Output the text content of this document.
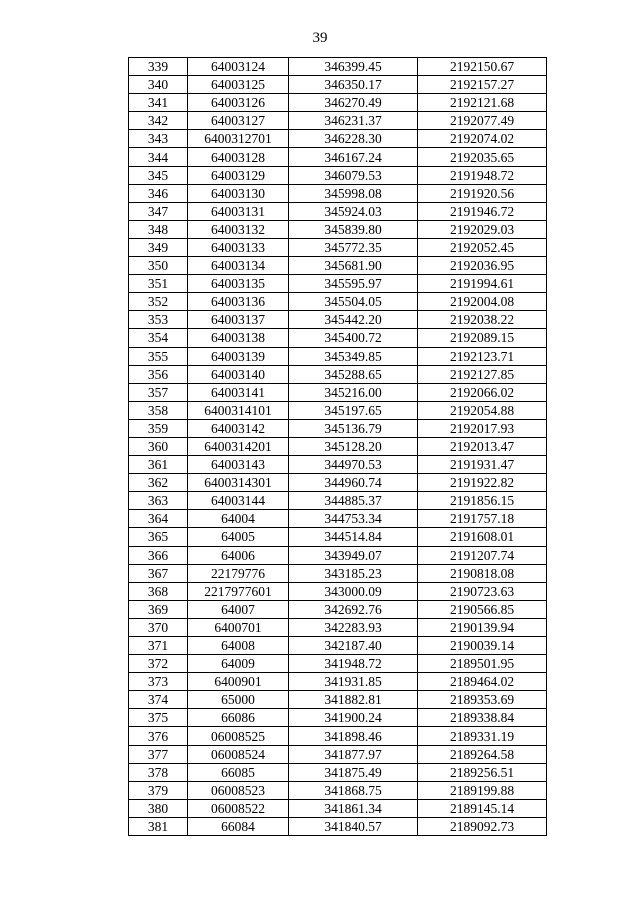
39
339	64003124	346399.45	2192150.67
340	64003125	346350.17	2192157.27
341	64003126	346270.49	2192121.68
342	64003127	346231.37	2192077.49
343	6400312701	346228.30	2192074.02
344	64003128	346167.24	2192035.65
345	64003129	346079.53	2191948.72
346	64003130	345998.08	2191920.56
347	64003131	345924.03	2191946.72
348	64003132	345839.80	2192029.03
349	64003133	345772.35	2192052.45
350	64003134	345681.90	2192036.95
351	64003135	345595.97	2191994.61
352	64003136	345504.05	2192004.08
353	64003137	345442.20	2192038.22
354	64003138	345400.72	2192089.15
355	64003139	345349.85	2192123.71
356	64003140	345288.65	2192127.85
357	64003141	345216.00	2192066.02
358	6400314101	345197.65	2192054.88
359	64003142	345136.79	2192017.93
360	6400314201	345128.20	2192013.47
361	64003143	344970.53	2191931.47
362	6400314301	344960.74	2191922.82
363	64003144	344885.37	2191856.15
364	64004	344753.34	2191757.18
365	64005	344514.84	2191608.01
366	64006	343949.07	2191207.74
367	22179776	343185.23	2190818.08
368	2217977601	343000.09	2190723.63
369	64007	342692.76	2190566.85
370	6400701	342283.93	2190139.94
371	64008	342187.40	2190039.14
372	64009	341948.72	2189501.95
373	6400901	341931.85	2189464.02
374	65000	341882.81	2189353.69
375	66086	341900.24	2189338.84
376	06008525	341898.46	2189331.19
377	06008524	341877.97	2189264.58
378	66085	341875.49	2189256.51
379	06008523	341868.75	2189199.88
380	06008522	341861.34	2189145.14
381	66084	341840.57	2189092.73
